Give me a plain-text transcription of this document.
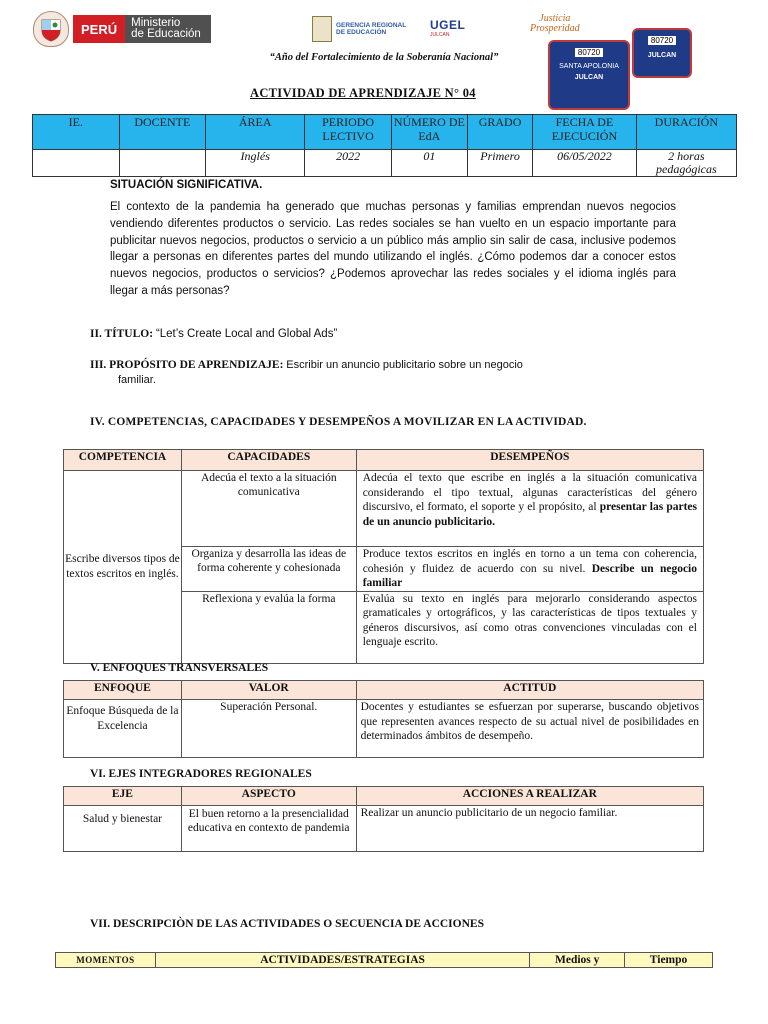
PERÚ	Ministerio
de Educación
GERENCIA REGIONAL
DE EDUCACIÓN
UGEL
JULCAN
Justicia
Prosperidad
80720
SANTA APOLONIA
JULCAN
80720
JULCAN
“Año del Fortalecimiento de la Soberanía Nacional”
ACTIVIDAD DE APRENDIZAJE N° 04
IE.	DOCENTE	ÁREA	PERIODO LECTIVO	NÚMERO DE EdA	GRADO	FECHA DE EJECUCIÓN	DURACIÓN
		Inglés	2022	01	Primero	06/05/2022	2 horas pedagógicas
SITUACIÓN SIGNIFICATIVA.
El contexto de la pandemia ha generado que muchas personas y familias emprendan nuevos negocios vendiendo diferentes productos o servicio. Las redes sociales se han vuelto en un espacio importante para publicitar nuevos negocios, productos o servicio a un público más amplio sin salir de casa, inclusive podemos llegar a personas en diferentes partes del mundo utilizando el inglés. ¿Cómo podemos dar a conocer estos nuevos negocios, productos o servicios? ¿Podemos aprovechar las redes sociales y el idioma inglés para llegar a más personas?
II. TÍTULO: “Let’s Create Local and Global Ads”
III. PROPÓSITO DE APRENDIZAJE: Escribir un anuncio publicitario sobre un negocio
familiar.
IV. COMPETENCIAS, CAPACIDADES Y DESEMPEÑOS A MOVILIZAR EN LA ACTIVIDAD.
COMPETENCIA	CAPACIDADES	DESEMPEÑOS
Escribe diversos tipos de textos escritos en inglés.	Adecúa el texto a la situación comunicativa	Adecúa el texto que escribe en inglés a la situación comunicativa considerando el tipo textual, algunas características del género discursivo, el formato, el soporte y el propósito, al presentar las partes de un anuncio publicitario.
	Organiza y desarrolla las ideas de forma coherente y cohesionada	Produce textos escritos en inglés en torno a un tema con coherencia, cohesión y fluidez de acuerdo con su nivel. Describe un negocio familiar
	Reflexiona y evalúa la forma	Evalúa su texto en inglés para mejorarlo considerando aspectos gramaticales y ortográficos, y las características de tipos textuales y géneros discursivos, así como otras convenciones vinculadas con el lenguaje escrito.
V. ENFOQUES TRANSVERSALES
ENFOQUE	VALOR	ACTITUD
Enfoque Búsqueda de la Excelencia	Superación Personal.	Docentes y estudiantes se esfuerzan por superarse, buscando objetivos que representen avances respecto de su actual nivel de posibilidades en determinados ámbitos de desempeño.
VI. EJES INTEGRADORES REGIONALES
EJE	ASPECTO	ACCIONES A REALIZAR
Salud y bienestar	El buen retorno a la presencialidad educativa en contexto de pandemia	Realizar un anuncio publicitario de un negocio familiar.
VII. DESCRIPCIÒN DE LAS ACTIVIDADES O SECUENCIA DE ACCIONES
MOMENTOS	ACTIVIDADES/ESTRATEGIAS	Medios y	Tiempo
